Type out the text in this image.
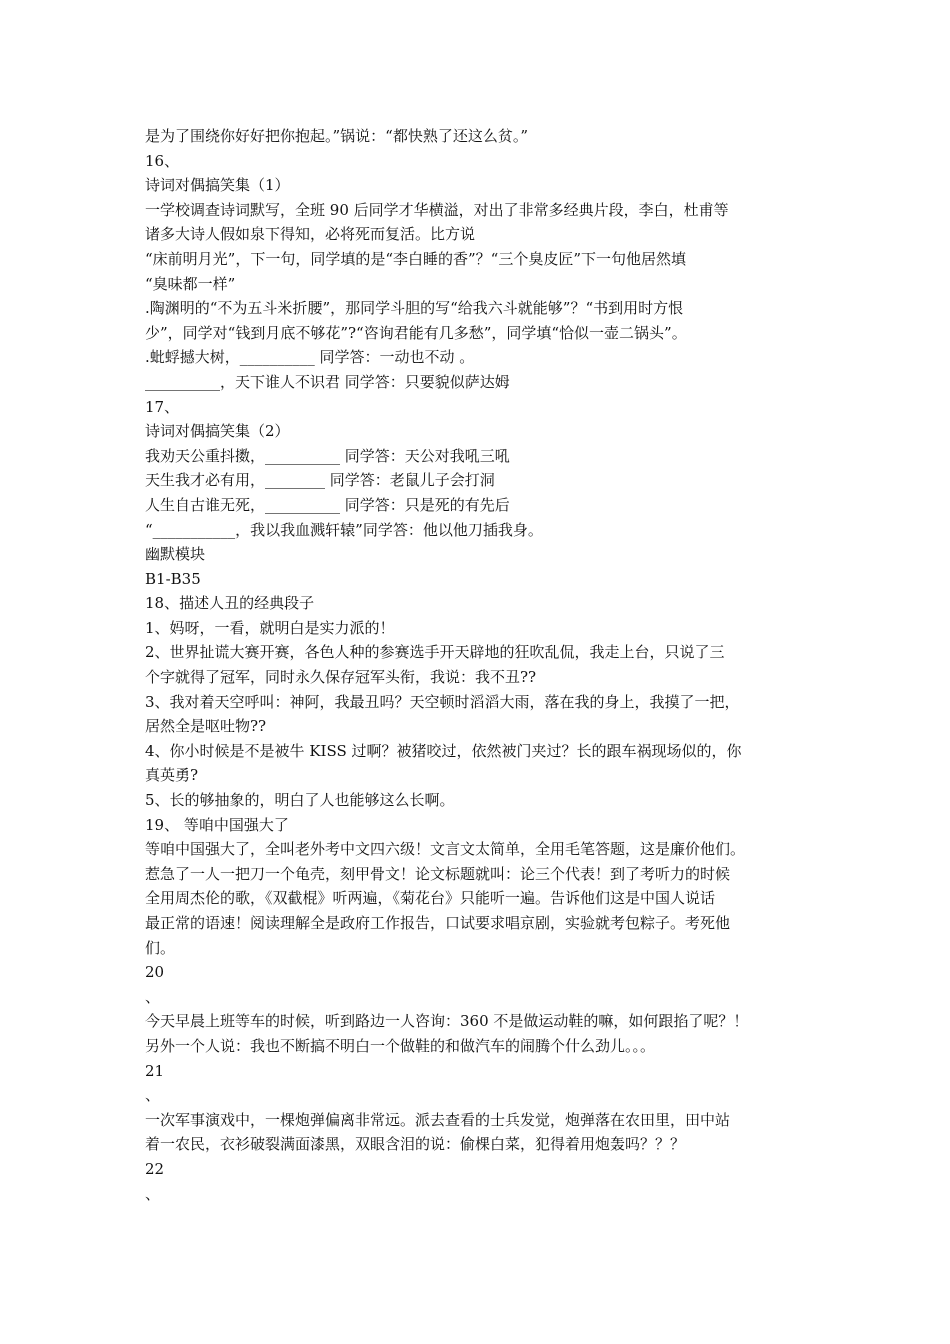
是为了围绕你好好把你抱起。”锅说：“都快熟了还这么贫。”
16、
诗词对偶搞笑集（1）
一学校调查诗词默写，全班 90 后同学才华横溢，对出了非常多经典片段，李白，杜甫等
诸多大诗人假如泉下得知，必将死而复活。比方说
“床前明月光”，下一句，同学填的是“李白睡的香”？“三个臭皮匠”下一句他居然填
“臭味都一样”
.陶渊明的“不为五斗米折腰”，那同学斗胆的写“给我六斗就能够”？“书到用时方恨
少”，同学对“钱到月底不够花”?“咨询君能有几多愁”，同学填“恰似一壶二锅头”。
.蚍蜉撼大树，__________ 同学答：一动也不动 。
__________，天下谁人不识君 同学答：只要貌似萨达姆
17、
诗词对偶搞笑集（2）
我劝天公重抖擞，__________ 同学答：天公对我吼三吼
天生我才必有用，________ 同学答：老鼠儿子会打洞
人生自古谁无死，__________ 同学答：只是死的有先后
“___________，我以我血溅轩辕”同学答：他以他刀插我身。
幽默模块
B1-B35
18、描述人丑的经典段子
1、妈呀，一看，就明白是实力派的！
2、世界扯谎大赛开赛，各色人种的参赛选手开天辟地的狂吹乱侃，我走上台，只说了三
个字就得了冠军，同时永久保存冠军头衔，我说：我不丑??
3、我对着天空呼叫：神阿，我最丑吗？天空顿时滔滔大雨，落在我的身上，我摸了一把，
居然全是呕吐物??
4、你小时候是不是被牛 KISS 过啊？被猪咬过，依然被门夹过？长的跟车祸现场似的，你
真英勇?
5、长的够抽象的，明白了人也能够这么长啊。
19、 等咱中国强大了
等咱中国强大了，全叫老外考中文四六级！文言文太简单，全用毛笔答题，这是廉价他们。
惹急了一人一把刀一个龟壳，刻甲骨文！论文标题就叫：论三个代表！到了考听力的时候
全用周杰伦的歌，《双截棍》听两遍，《菊花台》只能听一遍。告诉他们这是中国人说话
最正常的语速！阅读理解全是政府工作报告，口试要求唱京剧，实验就考包粽子。考死他
们。
20
、
今天早晨上班等车的时候，听到路边一人咨询：360 不是做运动鞋的嘛，如何跟掐了呢？！
另外一个人说：我也不断搞不明白一个做鞋的和做汽车的闹腾个什么劲儿。。。
21
、
一次军事演戏中，一棵炮弹偏离非常远。派去查看的士兵发觉，炮弹落在农田里，田中站
着一农民，衣衫破裂满面漆黑，双眼含泪的说：偷棵白菜，犯得着用炮轰吗？？？
22
、
